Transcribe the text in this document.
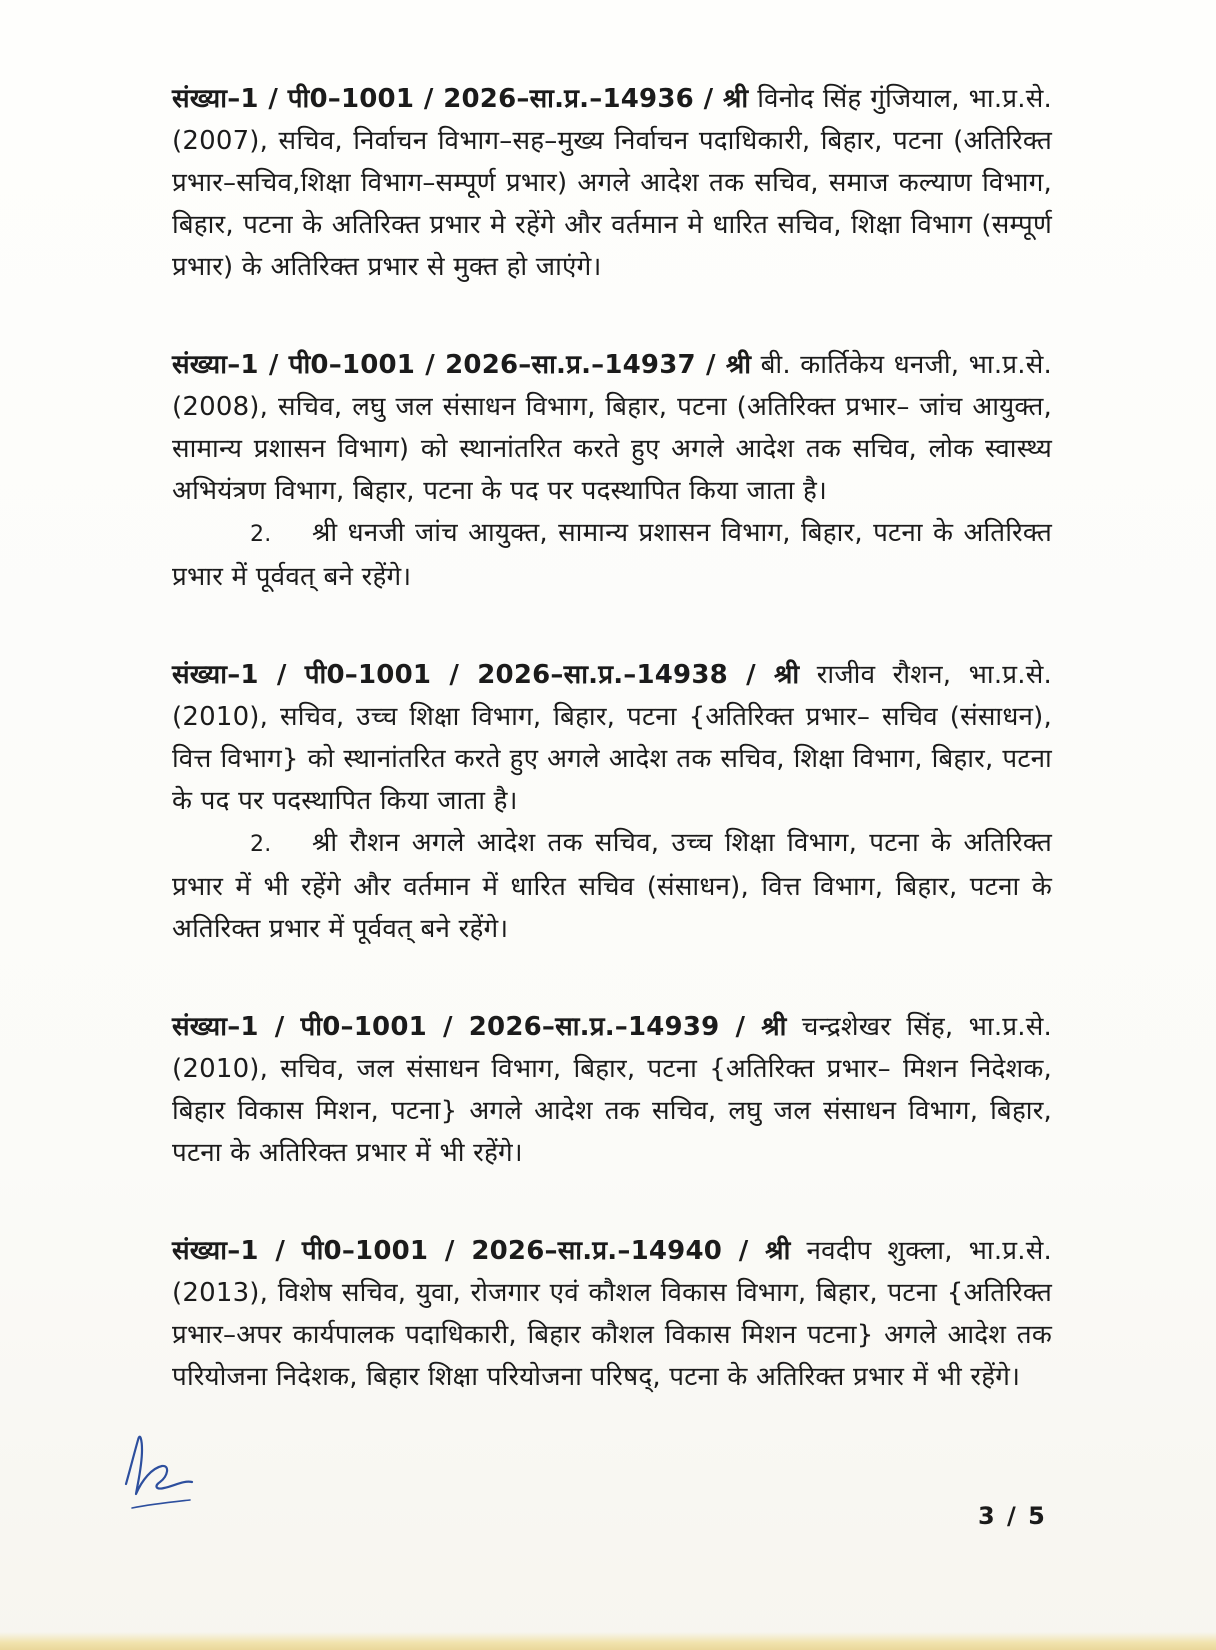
संख्या–1 / पी0–1001 / 2026–सा.प्र.–14936 / श्री विनोद सिंह गुंजियाल, भा.प्र.से.(2007), सचिव, निर्वाचन विभाग–सह–मुख्य निर्वाचन पदाधिकारी, बिहार, पटना (अतिरिक्त प्रभार–सचिव,शिक्षा विभाग–सम्पूर्ण प्रभार) अगले आदेश तक सचिव, समाज कल्याण विभाग, बिहार, पटना के अतिरिक्त प्रभार मे रहेंगे और वर्तमान मे धारित सचिव, शिक्षा विभाग (सम्पूर्ण प्रभार) के अतिरिक्त प्रभार से मुक्त हो जाएंगे।

संख्या–1 / पी0–1001 / 2026–सा.प्र.–14937 / श्री बी. कार्तिकेय धनजी, भा.प्र.से. (2008), सचिव, लघु जल संसाधन विभाग, बिहार, पटना (अतिरिक्त प्रभार– जांच आयुक्त, सामान्य प्रशासन विभाग) को स्थानांतरित करते हुए अगले आदेश तक सचिव, लोक स्वास्थ्य अभियंत्रण विभाग, बिहार, पटना के पद पर पदस्थापित किया जाता है।

2. श्री धनजी जांच आयुक्त, सामान्य प्रशासन विभाग, बिहार, पटना के अतिरिक्त प्रभार में पूर्ववत् बने रहेंगे।

संख्या–1 / पी0–1001 / 2026–सा.प्र.–14938 / श्री राजीव रौशन, भा.प्र.से. (2010), सचिव, उच्च शिक्षा विभाग, बिहार, पटना {अतिरिक्त प्रभार– सचिव (संसाधन), वित्त विभाग} को स्थानांतरित करते हुए अगले आदेश तक सचिव, शिक्षा विभाग, बिहार, पटना के पद पर पदस्थापित किया जाता है।

2. श्री रौशन अगले आदेश तक सचिव, उच्च शिक्षा विभाग, पटना के अतिरिक्त प्रभार में भी रहेंगे और वर्तमान में धारित सचिव (संसाधन), वित्त विभाग, बिहार, पटना के अतिरिक्त प्रभार में पूर्ववत् बने रहेंगे।

संख्या–1 / पी0–1001 / 2026–सा.प्र.–14939 / श्री चन्द्रशेखर सिंह, भा.प्र.से. (2010), सचिव, जल संसाधन विभाग, बिहार, पटना {अतिरिक्त प्रभार– मिशन निदेशक, बिहार विकास मिशन, पटना} अगले आदेश तक सचिव, लघु जल संसाधन विभाग, बिहार, पटना के अतिरिक्त प्रभार में भी रहेंगे।

संख्या–1 / पी0–1001 / 2026–सा.प्र.–14940 / श्री नवदीप शुक्ला, भा.प्र.से. (2013), विशेष सचिव, युवा, रोजगार एवं कौशल विकास विभाग, बिहार, पटना {अतिरिक्त प्रभार–अपर कार्यपालक पदाधिकारी, बिहार कौशल विकास मिशन पटना} अगले आदेश तक परियोजना निदेशक, बिहार शिक्षा परियोजना परिषद्, पटना के अतिरिक्त प्रभार में भी रहेंगे।

3 / 5
